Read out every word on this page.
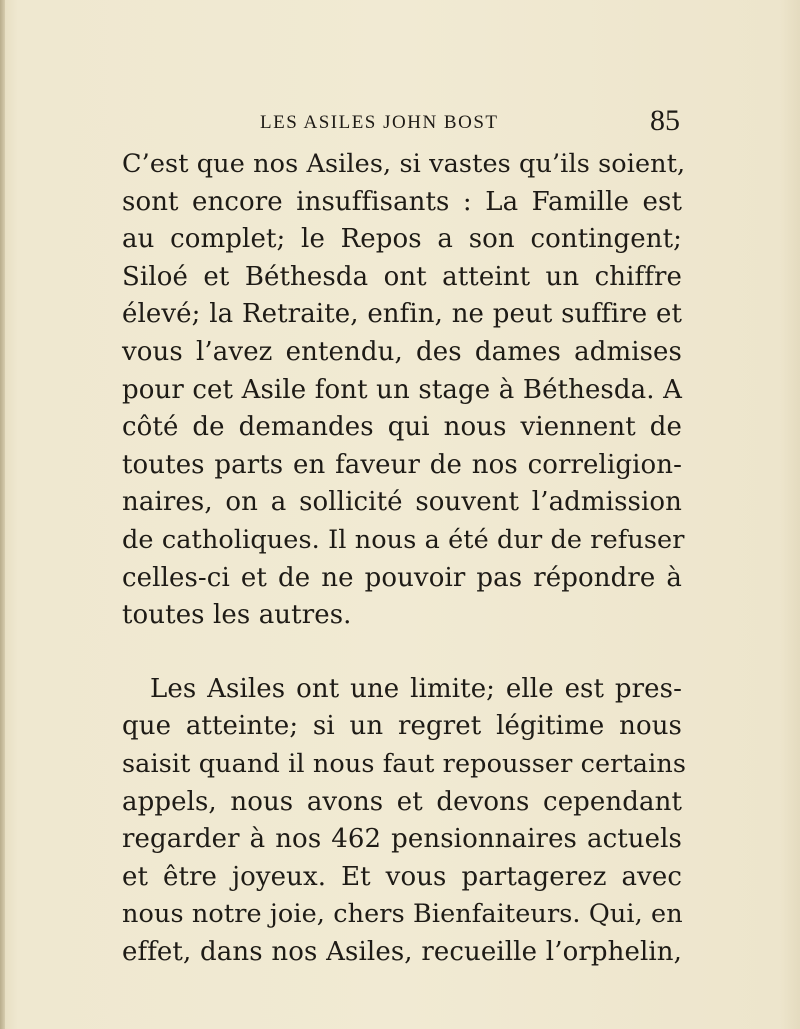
LES ASILES JOHN BOST	85
C’est que nos Asiles, si vastes qu’ils soient,
sont encore insuffisants : La Famille est
au complet; le Repos a son contingent;
Siloé et Béthesda ont atteint un chiffre
élevé; la Retraite, enfin, ne peut suffire et
vous l’avez entendu, des dames admises
pour cet Asile font un stage à Béthesda. A
côté de demandes qui nous viennent de
toutes parts en faveur de nos correligion-
naires, on a sollicité souvent l’admission
de catholiques. Il nous a été dur de refuser
celles-ci et de ne pouvoir pas répondre à
toutes les autres.
Les Asiles ont une limite; elle est pres-
que atteinte; si un regret légitime nous
saisit quand il nous faut repousser certains
appels, nous avons et devons cependant
regarder à nos 462 pensionnaires actuels
et être joyeux. Et vous partagerez avec
nous notre joie, chers Bienfaiteurs. Qui, en
effet, dans nos Asiles, recueille l’orphelin,
